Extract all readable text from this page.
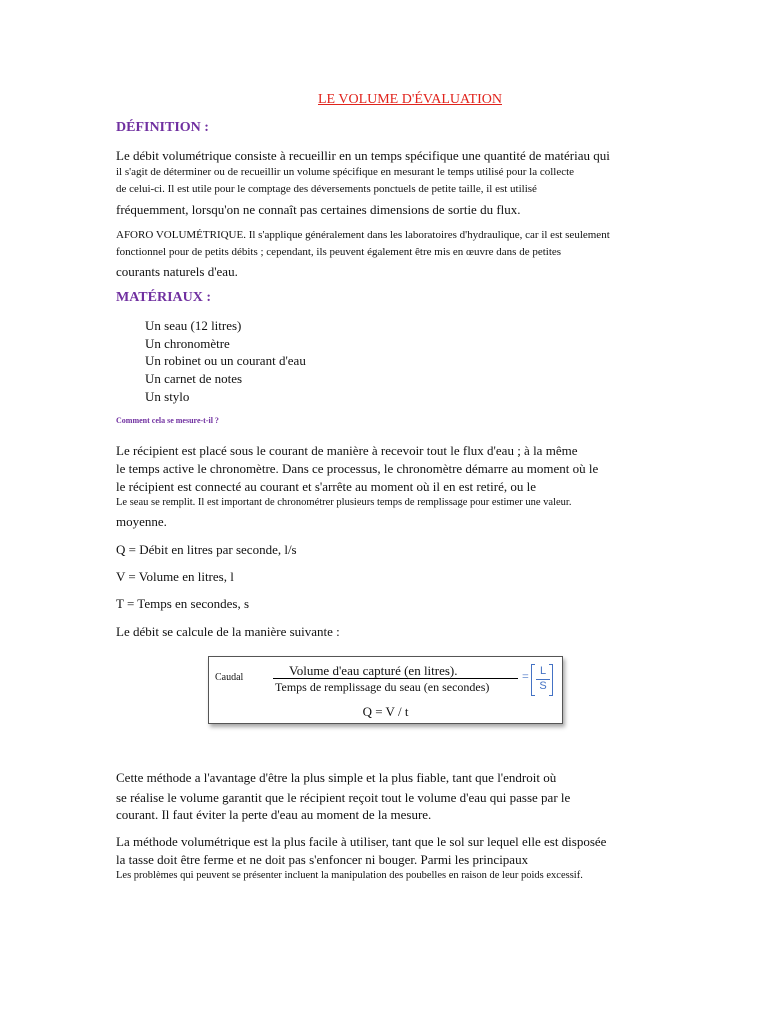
LE VOLUME D'ÉVALUATION
DÉFINITION :
Le débit volumétrique consiste à recueillir en un temps spécifique une quantité de matériau qui
il s'agit de déterminer ou de recueillir un volume spécifique en mesurant le temps utilisé pour la collecte
de celui-ci. Il est utile pour le comptage des déversements ponctuels de petite taille, il est utilisé
fréquemment, lorsqu'on ne connaît pas certaines dimensions de sortie du flux.
AFORO VOLUMÉTRIQUE. Il s'applique généralement dans les laboratoires d'hydraulique, car il est seulement
fonctionnel pour de petits débits ; cependant, ils peuvent également être mis en œuvre dans de petites
courants naturels d'eau.
MATÉRIAUX :
Un seau (12 litres)
Un chronomètre
Un robinet ou un courant d'eau
Un carnet de notes
Un stylo
Comment cela se mesure-t-il ?
Le récipient est placé sous le courant de manière à recevoir tout le flux d'eau ; à la même
le temps active le chronomètre. Dans ce processus, le chronomètre démarre au moment où le
le récipient est connecté au courant et s'arrête au moment où il en est retiré, ou le
Le seau se remplit. Il est important de chronométrer plusieurs temps de remplissage pour estimer une valeur.
moyenne.
Q = Débit en litres par seconde, l/s
V = Volume en litres, l
T = Temps en secondes, s
Le débit se calcule de la manière suivante :
Caudal	Volume d'eau capturé (en litres).
Temps de remplissage du seau (en secondes)
= L
S
Q = V / t
Cette méthode a l'avantage d'être la plus simple et la plus fiable, tant que l'endroit où
se réalise le volume garantit que le récipient reçoit tout le volume d'eau qui passe par le
courant. Il faut éviter la perte d'eau au moment de la mesure.
La méthode volumétrique est la plus facile à utiliser, tant que le sol sur lequel elle est disposée
la tasse doit être ferme et ne doit pas s'enfoncer ni bouger. Parmi les principaux
Les problèmes qui peuvent se présenter incluent la manipulation des poubelles en raison de leur poids excessif.
